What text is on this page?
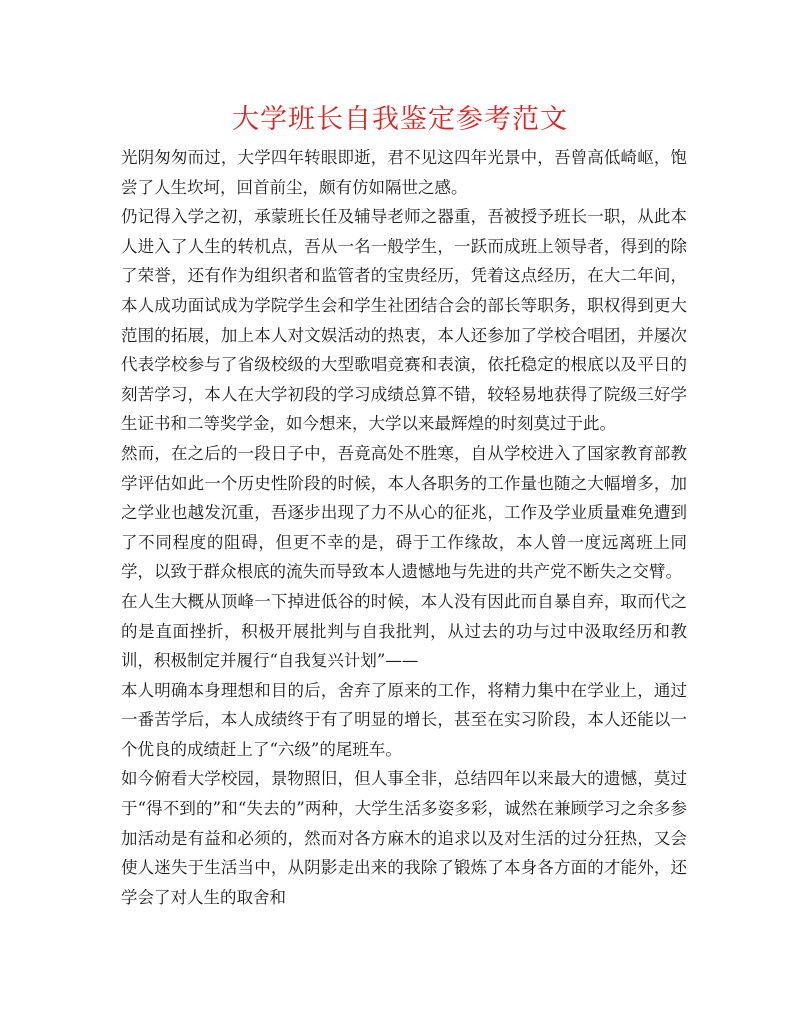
大学班长自我鉴定参考范文

光阴匆匆而过，大学四年转眼即逝，君不见这四年光景中，吾曾高低崎岖，饱尝了人生坎坷，回首前尘，颇有仿如隔世之感。

仍记得入学之初，承蒙班长任及辅导老师之器重，吾被授予班长一职，从此本人进入了人生的转机点，吾从一名一般学生，一跃而成班上领导者，得到的除了荣誉，还有作为组织者和监管者的宝贵经历，凭着这点经历，在大二年间，本人成功面试成为学院学生会和学生社团结合会的部长等职务，职权得到更大范围的拓展，加上本人对文娱活动的热衷，本人还参加了学校合唱团，并屡次代表学校参与了省级校级的大型歌唱竞赛和表演，依托稳定的根底以及平日的刻苦学习，本人在大学初段的学习成绩总算不错，较轻易地获得了院级三好学生证书和二等奖学金，如今想来，大学以来最辉煌的时刻莫过于此。

然而，在之后的一段日子中，吾竟高处不胜寒，自从学校进入了国家教育部教学评估如此一个历史性阶段的时候，本人各职务的工作量也随之大幅增多，加之学业也越发沉重，吾逐步出现了力不从心的征兆，工作及学业质量难免遭到了不同程度的阻碍，但更不幸的是，碍于工作缘故，本人曾一度远离班上同学，以致于群众根底的流失而导致本人遗憾地与先进的共产党不断失之交臂。

在人生大概从顶峰一下掉进低谷的时候，本人没有因此而自暴自弃，取而代之的是直面挫折，积极开展批判与自我批判，从过去的功与过中汲取经历和教训，积极制定并履行“自我复兴计划”——

本人明确本身理想和目的后，舍弃了原来的工作，将精力集中在学业上，通过一番苦学后，本人成绩终于有了明显的增长，甚至在实习阶段，本人还能以一个优良的成绩赶上了“六级”的尾班车。

如今俯看大学校园，景物照旧，但人事全非，总结四年以来最大的遗憾，莫过于“得不到的”和“失去的”两种，大学生活多姿多彩，诚然在兼顾学习之余多参加活动是有益和必须的，然而对各方麻木的追求以及对生活的过分狂热，又会使人迷失于生活当中，从阴影走出来的我除了锻炼了本身各方面的才能外，还学会了对人生的取舍和
